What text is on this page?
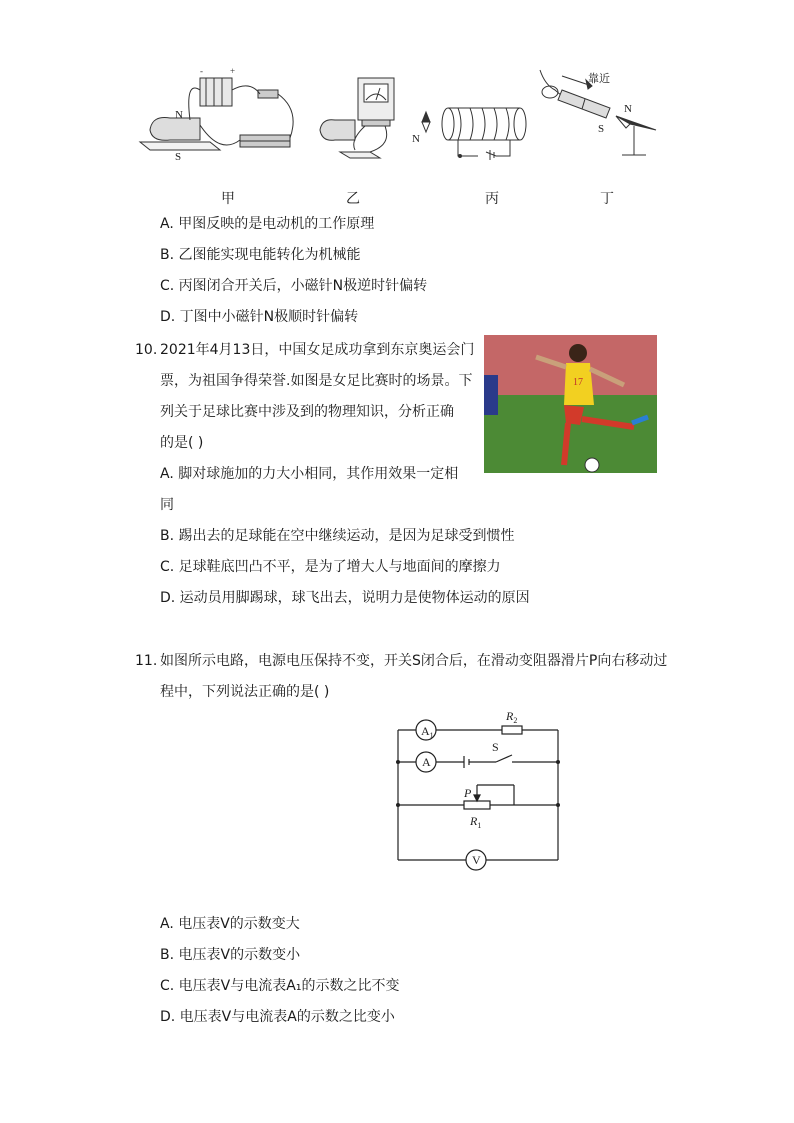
+
-
N
S
N
靠近
N
S
甲	乙	丙	丁
A. 甲图反映的是电动机的工作原理
B. 乙图能实现电能转化为机械能
C. 丙图闭合开关后，小磁针N极逆时针偏转
D. 丁图中小磁针N极顺时针偏转
10. 2021年4月13日，中国女足成功拿到东京奥运会门
票，为祖国争得荣誉.如图是女足比赛时的场景。下
列关于足球比赛中涉及到的物理知识，分析正确
的是( )
17
A. 脚对球施加的力大小相同，其作用效果一定相
同
B. 踢出去的足球能在空中继续运动，是因为足球受到惯性
C. 足球鞋底凹凸不平，是为了增大人与地面间的摩擦力
D. 运动员用脚踢球，球飞出去，说明力是使物体运动的原因
11. 如图所示电路，电源电压保持不变，开关S闭合后，在滑动变阻器滑片P向右移动过
程中，下列说法正确的是( )
$A_1$
A
$R_2$
S
P
$R_1$
V
A. 电压表V的示数变大
B. 电压表V的示数变小
C. 电压表V与电流表A₁的示数之比不变
D. 电压表V与电流表A的示数之比变小
